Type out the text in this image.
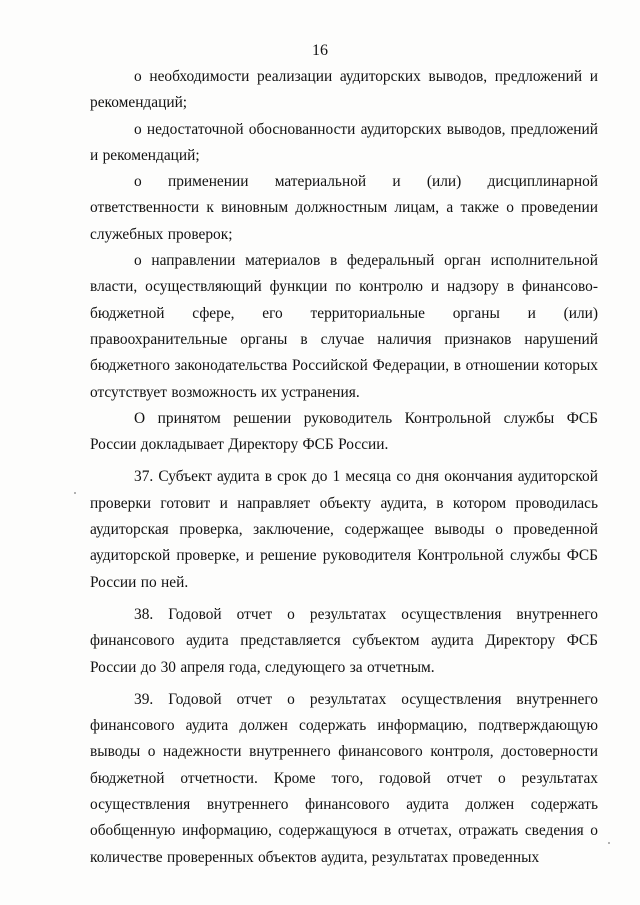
16

о необходимости реализации аудиторских выводов, предложений и рекомендаций;

о недостаточной обоснованности аудиторских выводов, предложений и рекомендаций;

о применении материальной и (или) дисциплинарной ответственности к виновным должностным лицам, а также о проведении служебных проверок;

о направлении материалов в федеральный орган исполнительной власти, осуществляющий функции по контролю и надзору в финансово-бюджетной сфере, его территориальные органы и (или) правоохранительные органы в случае наличия признаков нарушений бюджетного законодательства Российской Федерации, в отношении которых отсутствует возможность их устранения.

О принятом решении руководитель Контрольной службы ФСБ России докладывает Директору ФСБ России.

37. Субъект аудита в срок до 1 месяца со дня окончания аудиторской проверки готовит и направляет объекту аудита, в котором проводилась аудиторская проверка, заключение, содержащее выводы о проведенной аудиторской проверке, и решение руководителя Контрольной службы ФСБ России по ней.

38. Годовой отчет о результатах осуществления внутреннего финансового аудита представляется субъектом аудита Директору ФСБ России до 30 апреля года, следующего за отчетным.

39. Годовой отчет о результатах осуществления внутреннего финансового аудита должен содержать информацию, подтверждающую выводы о надежности внутреннего финансового контроля, достоверности бюджетной отчетности. Кроме того, годовой отчет о результатах осуществления внутреннего финансового аудита должен содержать обобщенную информацию, содержащуюся в отчетах, отражать сведения о количестве проверенных объектов аудита, результатах проведенных
